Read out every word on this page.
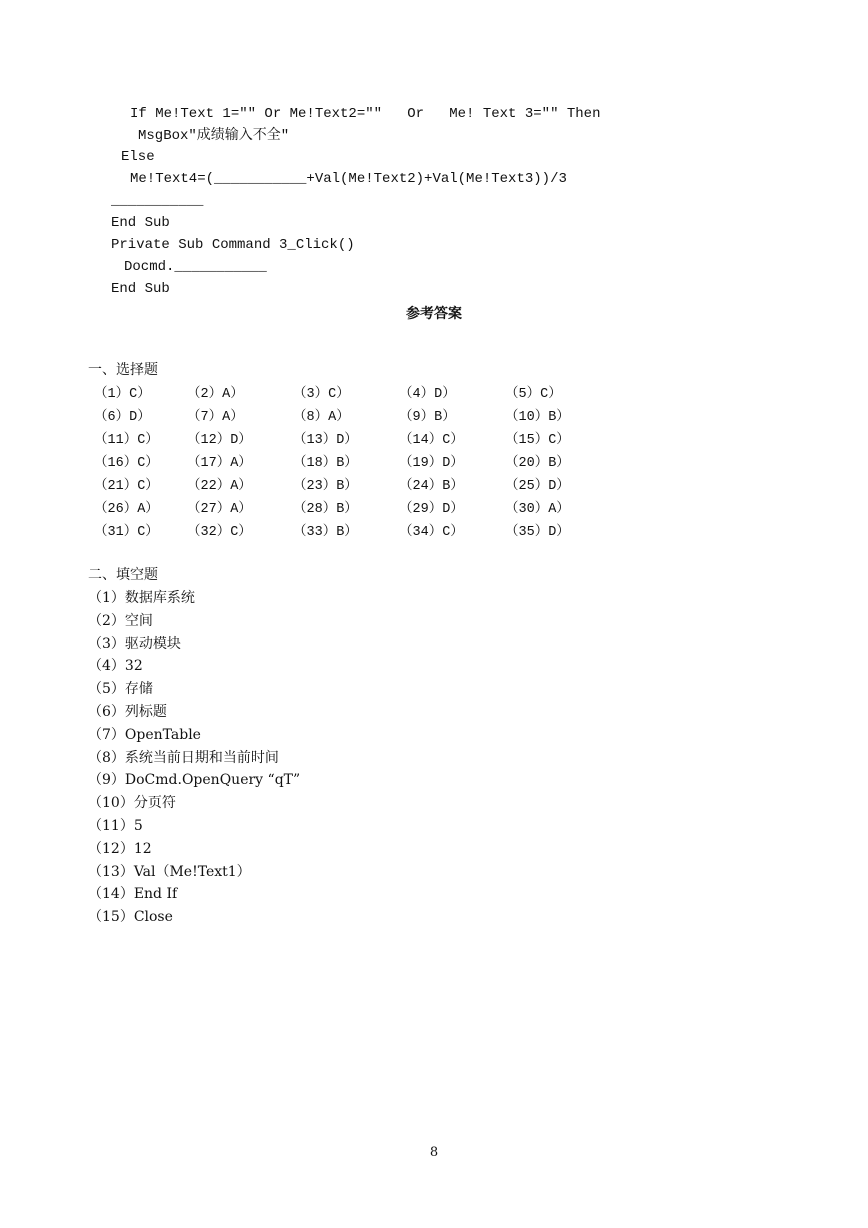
If Me!Text 1="" Or Me!Text2=""   Or   Me! Text 3="" Then
MsgBox"成绩输入不全"
Else
Me!Text4=(___________+Val(Me!Text2)+Val(Me!Text3))/3
___________
End Sub
Private Sub Command 3_Click()
Docmd.___________
End Sub
参考答案
一、选择题
（1）C）	（2）A）	（3）C）	（4）D）	（5）C）
（6）D）	（7）A）	（8）A）	（9）B）	（10）B）
（11）C） （12）D）	（13）D）	（14）C）	（15）C）
（16）C） （17）A）	（18）B）	（19）D）	（20）B）
（21）C） （22）A）	（23）B）	（24）B）	（25）D）
（26）A） （27）A）	（28）B）	（29）D）	（30）A）
（31）C） （32）C）	（33）B）	（34）C）	（35）D）
二、填空题
（1）数据库系统
（2）空间
（3）驱动模块
（4）32
（5）存储
（6）列标题
（7）OpenTable
（8）系统当前日期和当前时间
（9）DoCmd.OpenQuery “qT”
（10）分页符
（11）5
（12）12
（13）Val（Me!Text1）
（14）End If
（15）Close
8
